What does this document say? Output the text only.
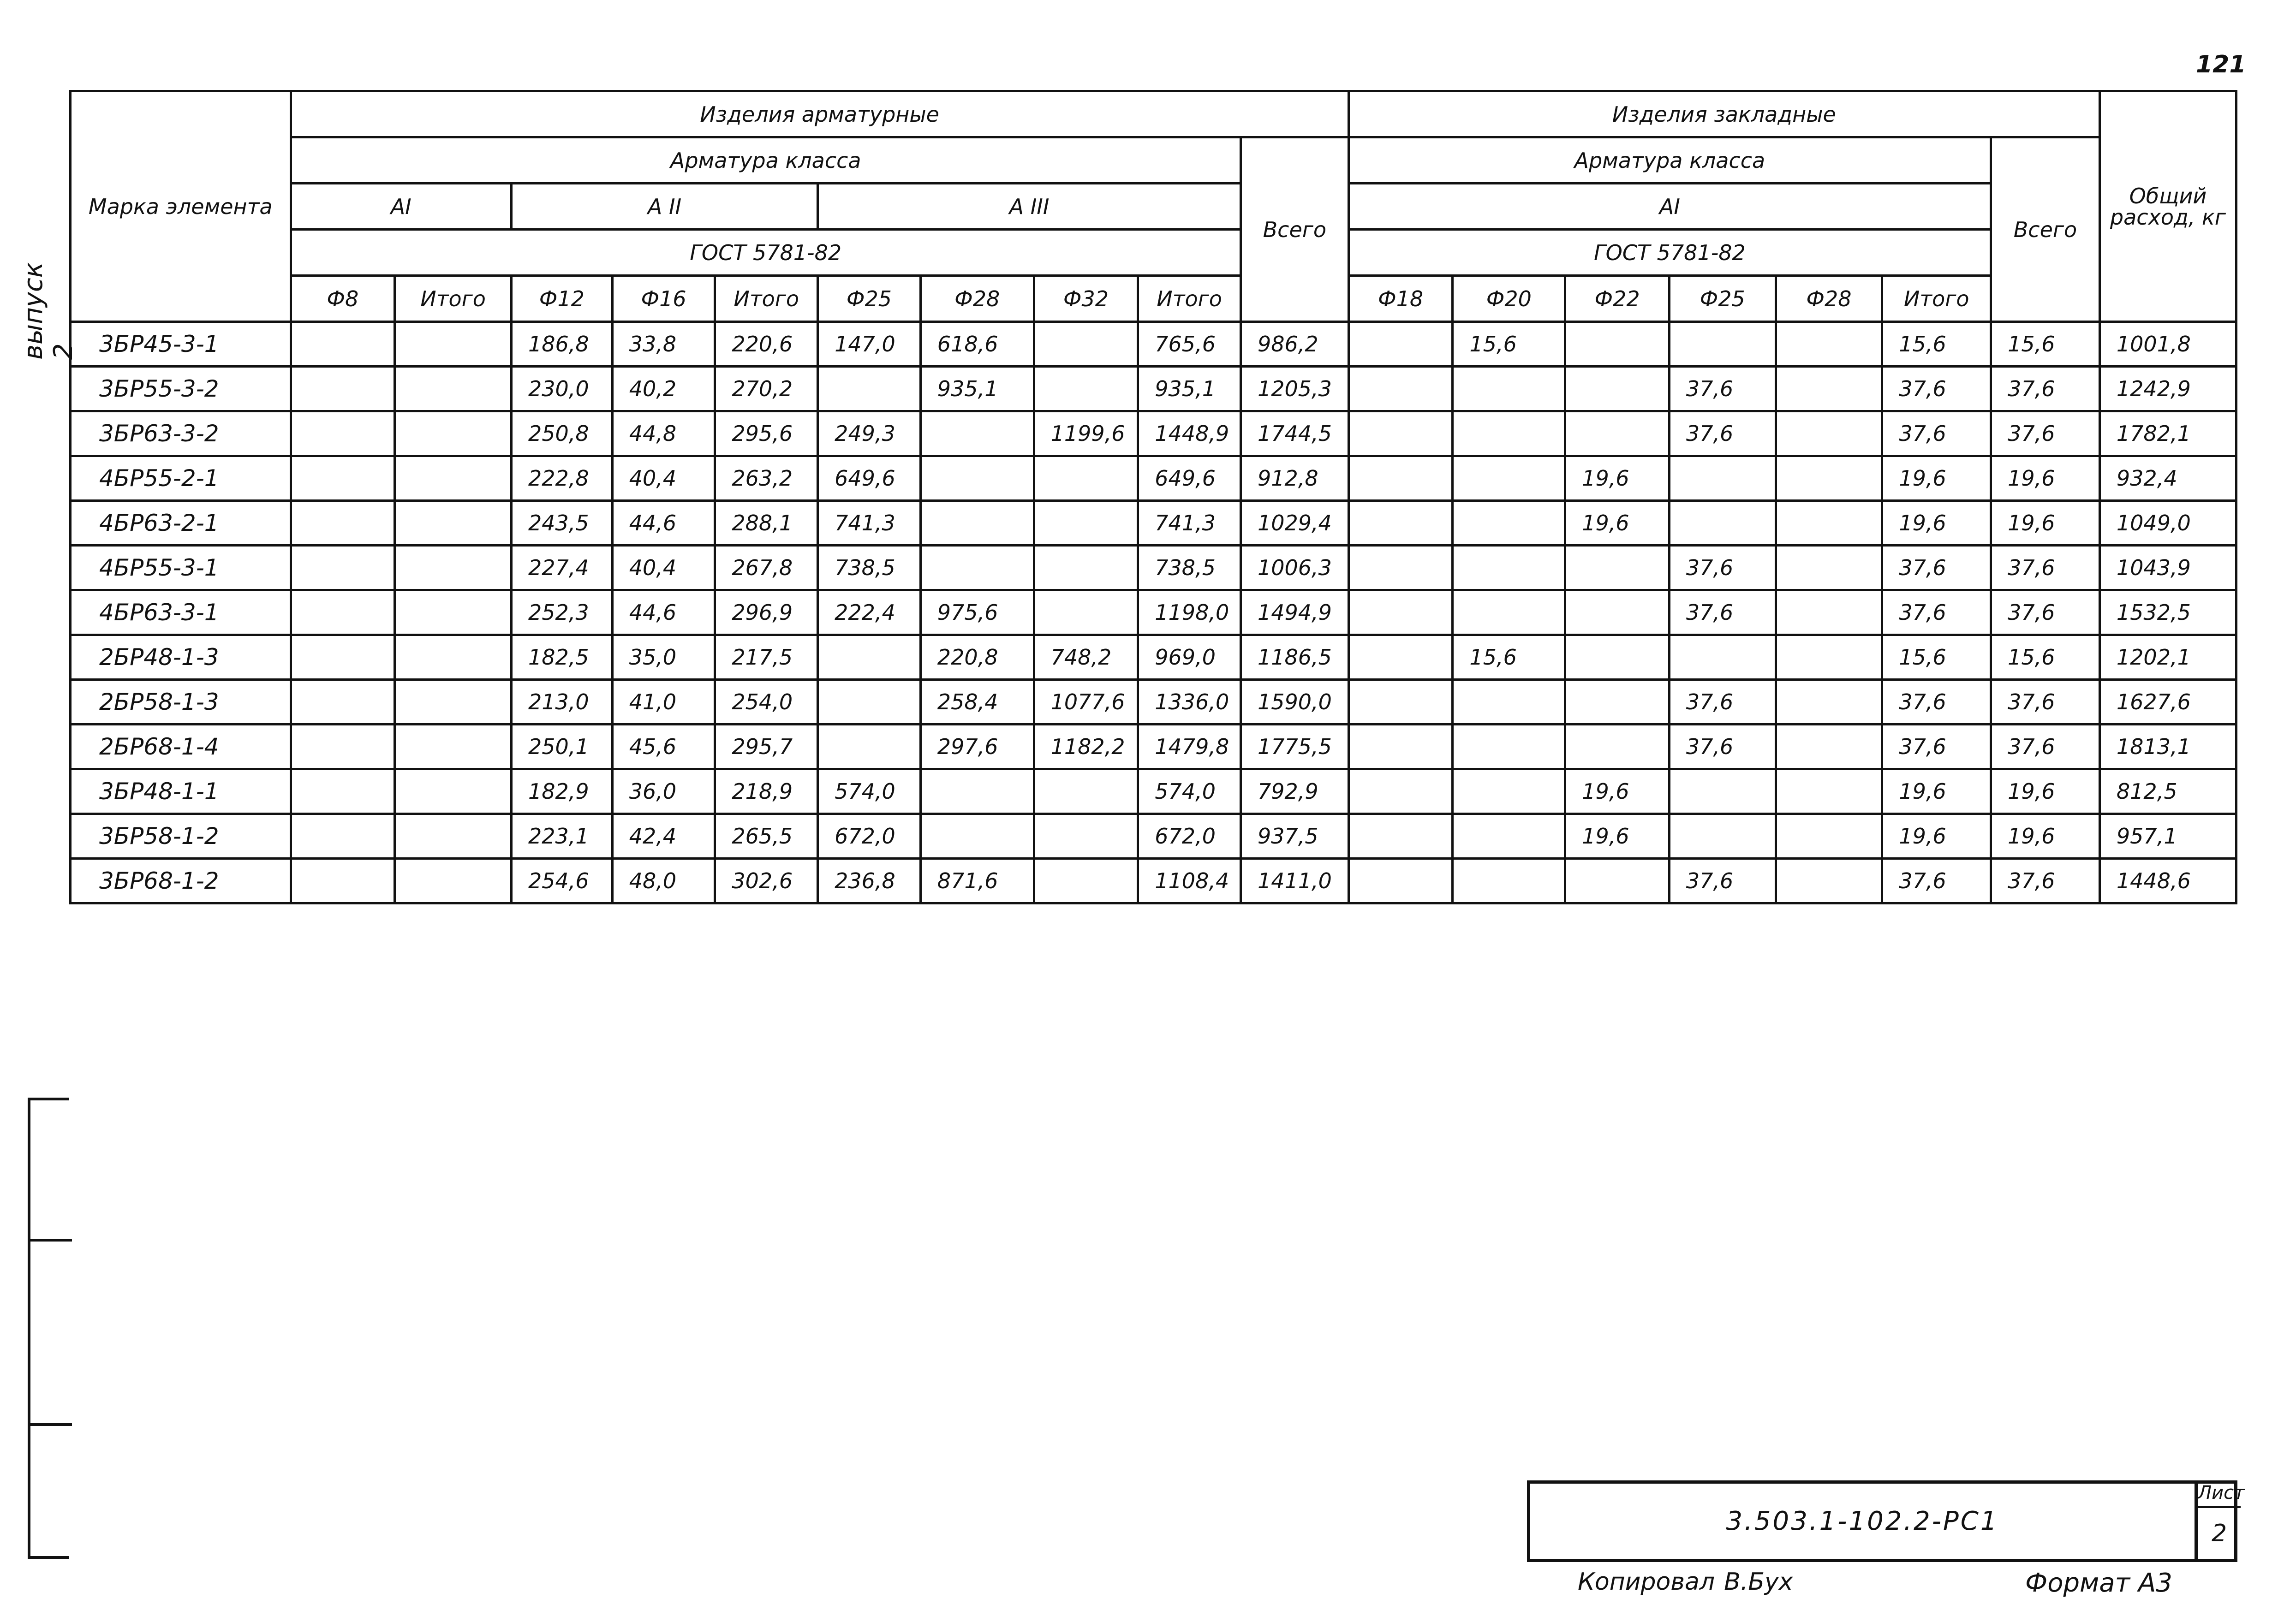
121
выпуск 2
Марка элемента	Изделия арматурные										Изделия закладные							Общий расход, кг
	Арматура класса									Всего	Арматура класса						Всего	
	АI		А II			А III					АI							
	ГОСТ 5781-82										ГОСТ 5781-82							
	Ф8	Итого	Ф12	Ф16	Итого	Ф25	Ф28	Ф32	Итого		Ф18	Ф20	Ф22	Ф25	Ф28	Итого		
3БР45-3-1			186,8	33,8	220,6	147,0	618,6		765,6	986,2		15,6				15,6	15,6	1001,8
3БР55-3-2			230,0	40,2	270,2		935,1		935,1	1205,3				37,6		37,6	37,6	1242,9
3БР63-3-2			250,8	44,8	295,6	249,3		1199,6	1448,9	1744,5				37,6		37,6	37,6	1782,1
4БР55-2-1			222,8	40,4	263,2	649,6			649,6	912,8			19,6			19,6	19,6	932,4
4БР63-2-1			243,5	44,6	288,1	741,3			741,3	1029,4			19,6			19,6	19,6	1049,0
4БР55-3-1			227,4	40,4	267,8	738,5			738,5	1006,3				37,6		37,6	37,6	1043,9
4БР63-3-1			252,3	44,6	296,9	222,4	975,6		1198,0	1494,9				37,6		37,6	37,6	1532,5
2БР48-1-3			182,5	35,0	217,5		220,8	748,2	969,0	1186,5		15,6				15,6	15,6	1202,1
2БР58-1-3			213,0	41,0	254,0		258,4	1077,6	1336,0	1590,0				37,6		37,6	37,6	1627,6
2БР68-1-4			250,1	45,6	295,7		297,6	1182,2	1479,8	1775,5				37,6		37,6	37,6	1813,1
3БР48-1-1			182,9	36,0	218,9	574,0			574,0	792,9			19,6			19,6	19,6	812,5
3БР58-1-2			223,1	42,4	265,5	672,0			672,0	937,5			19,6			19,6	19,6	957,1
3БР68-1-2			254,6	48,0	302,6	236,8	871,6		1108,4	1411,0				37,6		37,6	37,6	1448,6
3.503.1-102.2-РС1
Лист
2
Копировал В.Бух	Формат А3
